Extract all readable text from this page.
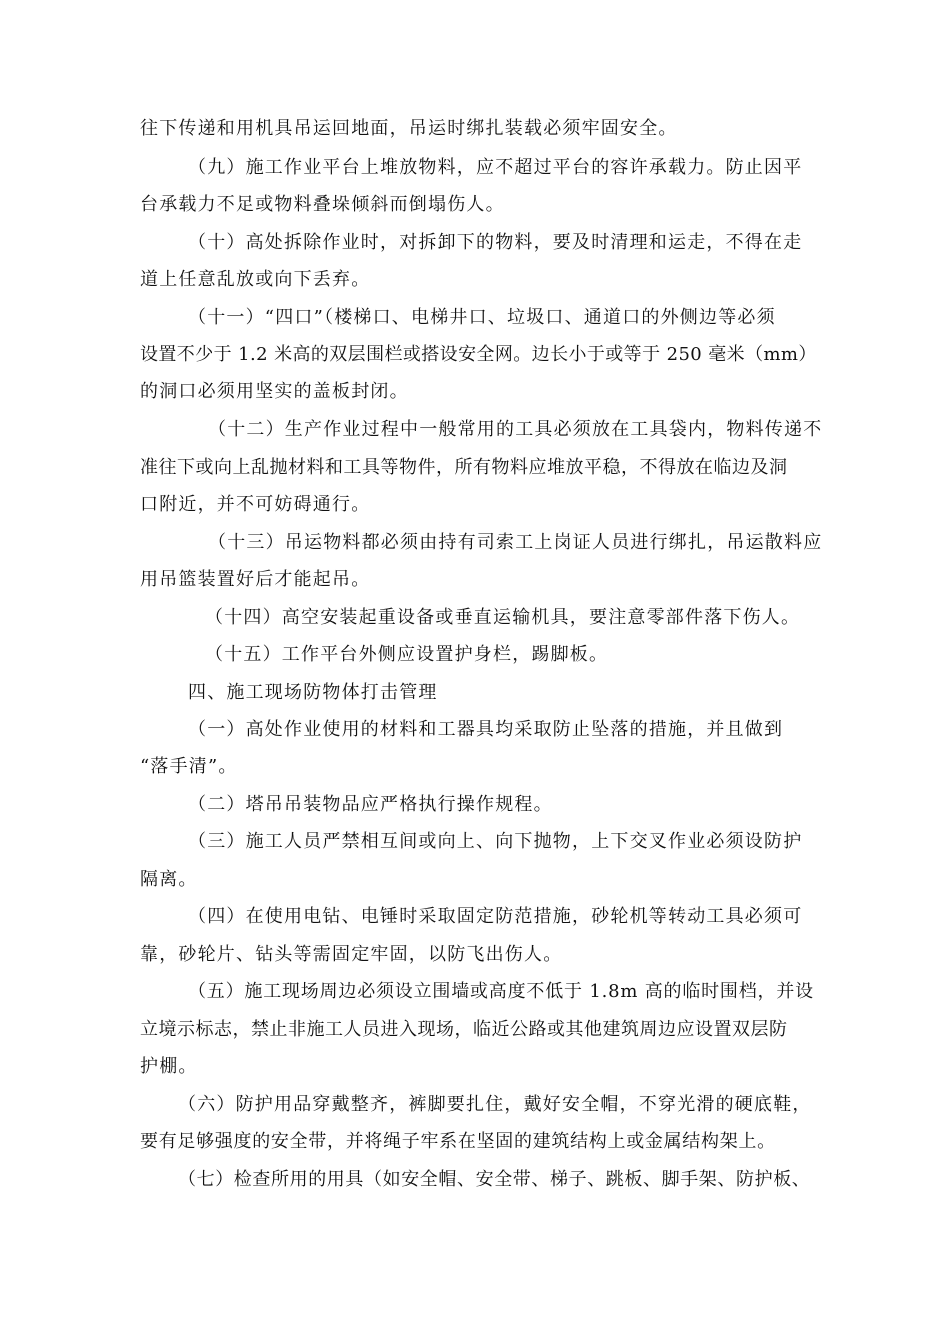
往下传递和用机具吊运回地面，吊运时绑扎装载必须牢固安全。
（九）施工作业平台上堆放物料，应不超过平台的容许承载力。防止因平
台承载力不足或物料叠垛倾斜而倒塌伤人。
（十）高处拆除作业时，对拆卸下的物料，要及时清理和运走，不得在走
道上任意乱放或向下丢弃。
（十一）“四口”（楼梯口、电梯井口、垃圾口、通道口的外侧边等必须
设置不少于 1.2 米高的双层围栏或搭设安全网。边长小于或等于 250 毫米（mm）
的洞口必须用坚实的盖板封闭。
（十二）生产作业过程中一般常用的工具必须放在工具袋内，物料传递不
准往下或向上乱抛材料和工具等物件，所有物料应堆放平稳，不得放在临边及洞
口附近，并不可妨碍通行。
（十三）吊运物料都必须由持有司索工上岗证人员进行绑扎，吊运散料应
用吊篮装置好后才能起吊。
（十四）高空安装起重设备或垂直运输机具，要注意零部件落下伤人。
（十五）工作平台外侧应设置护身栏，踢脚板。
四、施工现场防物体打击管理
（一）高处作业使用的材料和工器具均采取防止坠落的措施，并且做到
“落手清”。
（二）塔吊吊装物品应严格执行操作规程。
（三）施工人员严禁相互间或向上、向下抛物，上下交叉作业必须设防护
隔离。
（四）在使用电钻、电锤时采取固定防范措施，砂轮机等转动工具必须可
靠，砂轮片、钻头等需固定牢固，以防飞出伤人。
（五）施工现场周边必须设立围墙或高度不低于 1.8m 高的临时围档，并设
立境示标志，禁止非施工人员进入现场，临近公路或其他建筑周边应设置双层防
护棚。
（六）防护用品穿戴整齐，裤脚要扎住，戴好安全帽，不穿光滑的硬底鞋，
要有足够强度的安全带，并将绳子牢系在坚固的建筑结构上或金属结构架上。
（七）检查所用的用具（如安全帽、安全带、梯子、跳板、脚手架、防护板、
